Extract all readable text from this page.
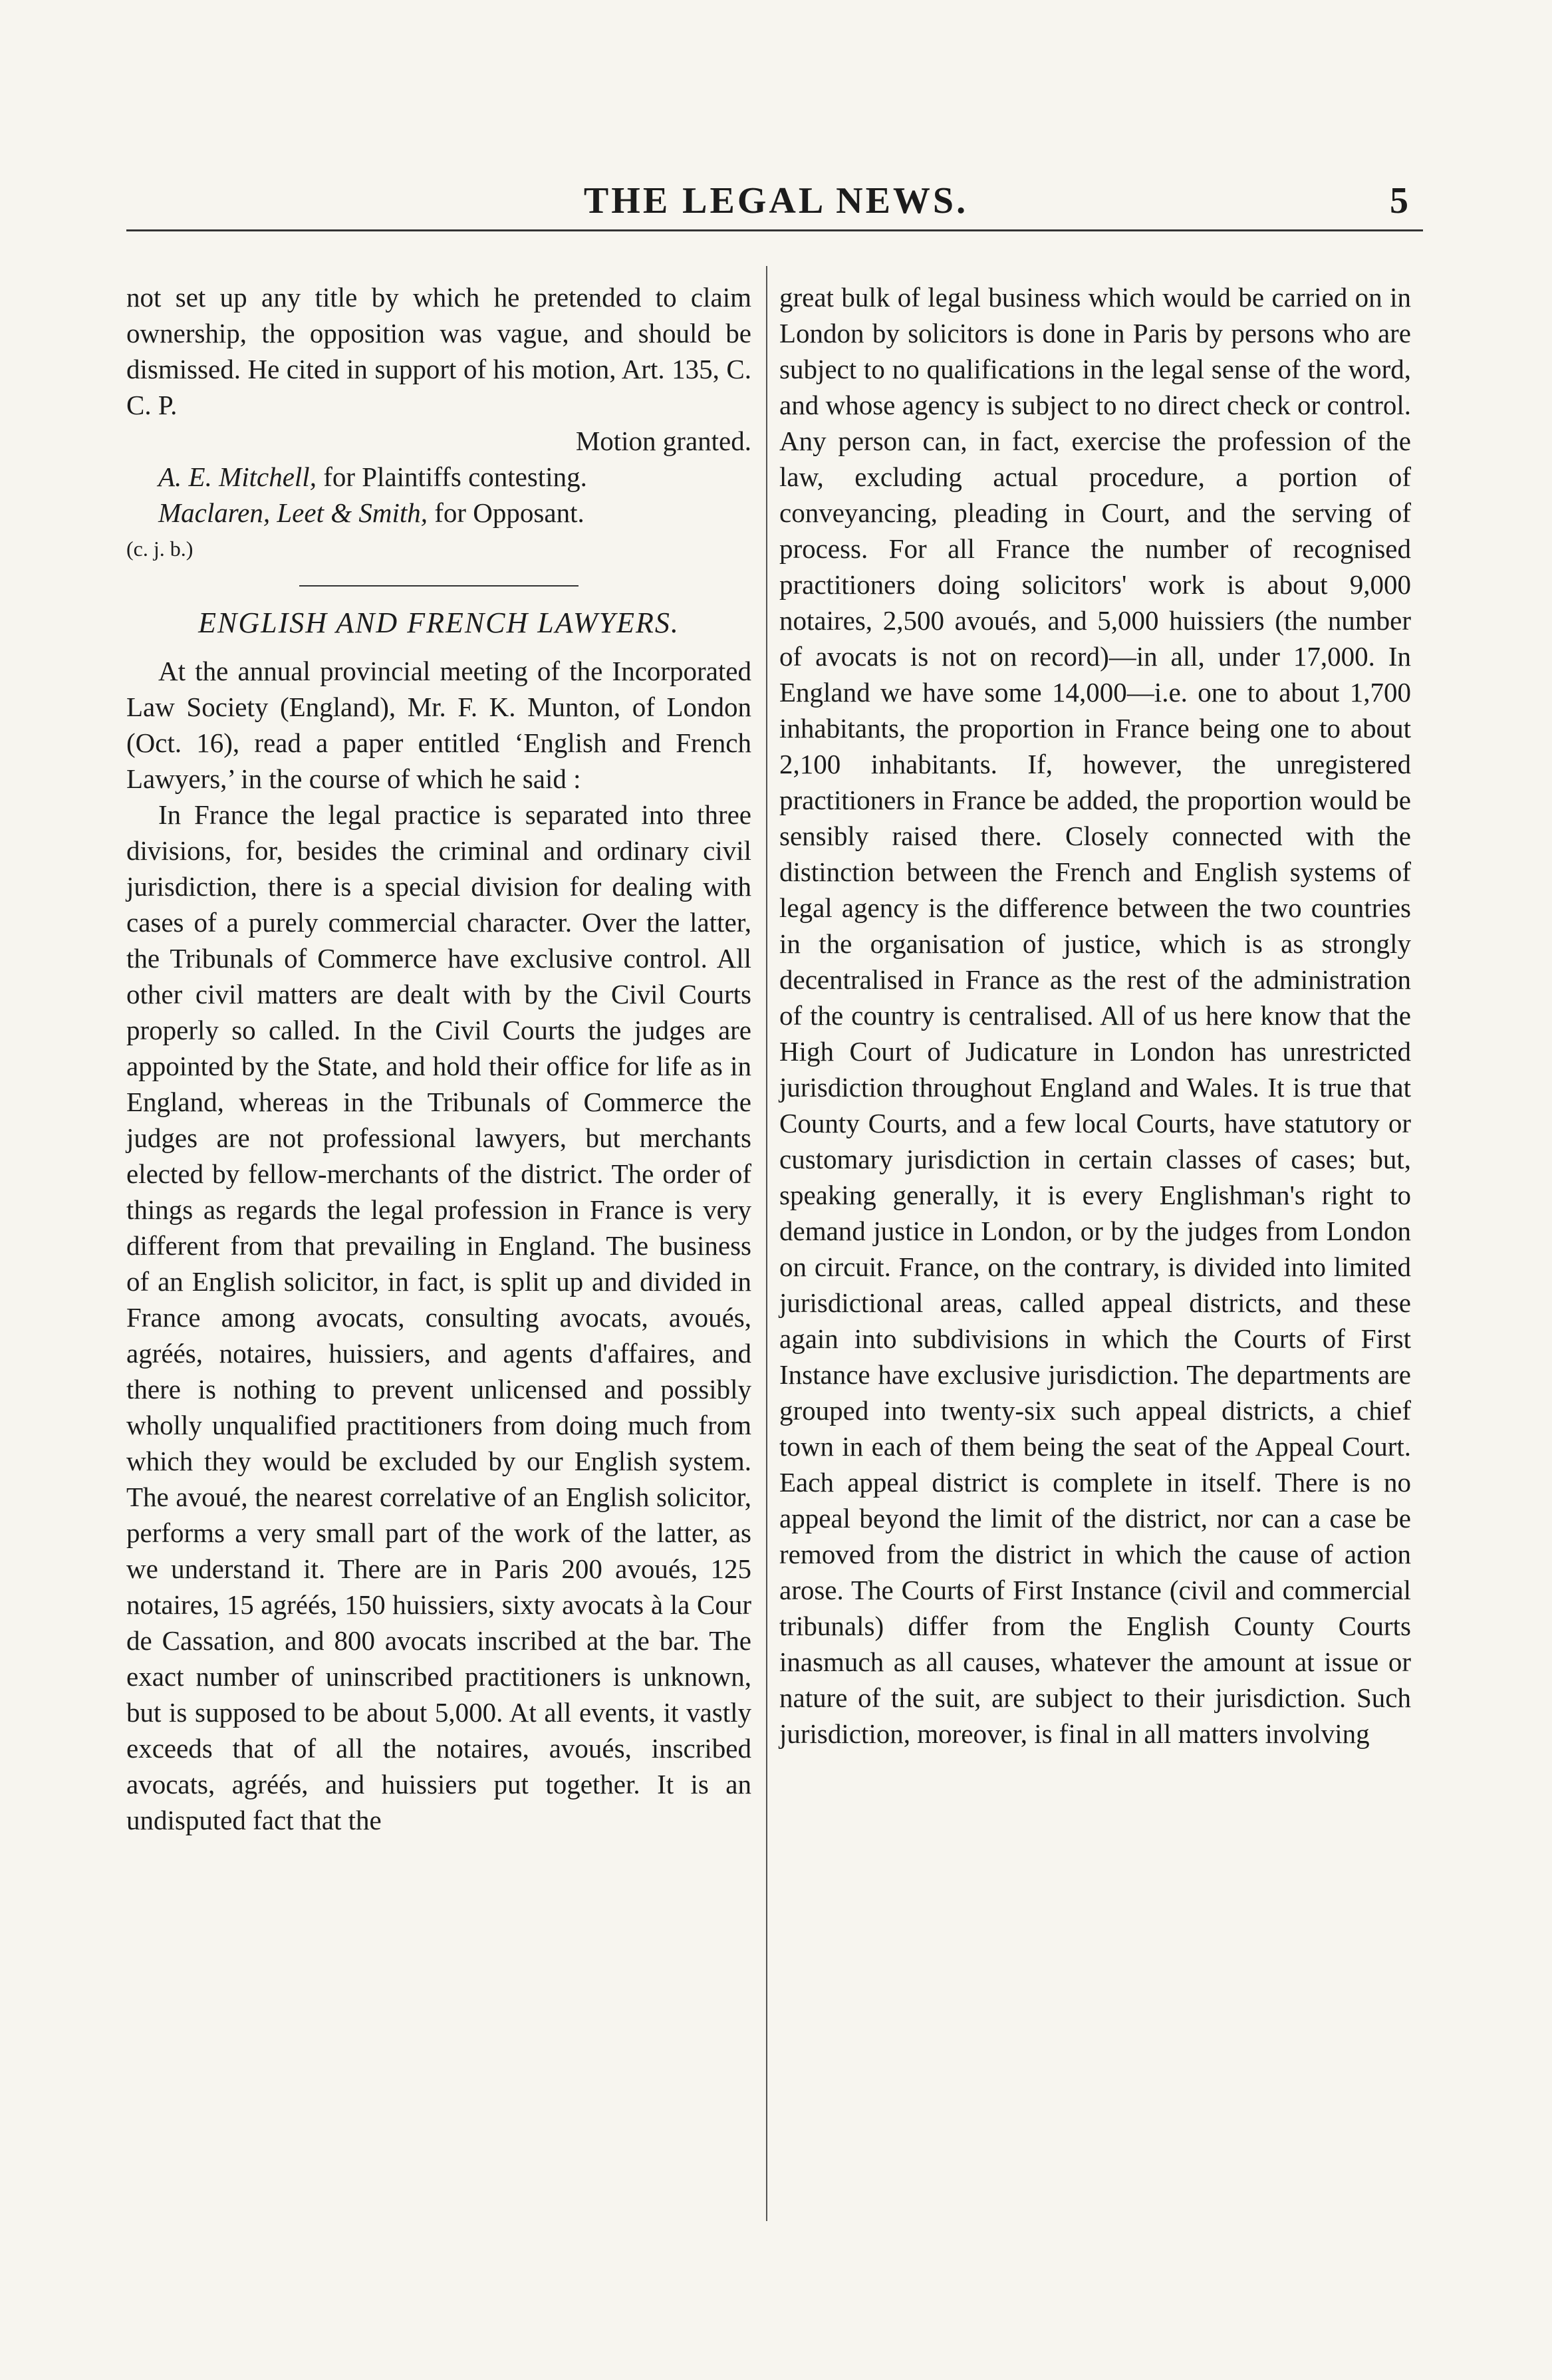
THE LEGAL NEWS.	5

not set up any title by which he pretended to claim ownership, the opposition was vague, and should be dismissed. He cited in support of his motion, Art. 135, C. C. P.

Motion granted.

A. E. Mitchell, for Plaintiffs contesting.

Maclaren, Leet & Smith, for Opposant.

(c. j. b.)

ENGLISH AND FRENCH LAWYERS.

At the annual provincial meeting of the Incorporated Law Society (England), Mr. F. K. Munton, of London (Oct. 16), read a paper entitled ‘English and French Lawyers,’ in the course of which he said :

In France the legal practice is separated into three divisions, for, besides the criminal and ordinary civil jurisdiction, there is a special division for dealing with cases of a purely commercial character. Over the latter, the Tribunals of Commerce have exclusive control. All other civil matters are dealt with by the Civil Courts properly so called. In the Civil Courts the judges are appointed by the State, and hold their office for life as in England, whereas in the Tribunals of Commerce the judges are not professional lawyers, but merchants elected by fellow-merchants of the district. The order of things as regards the legal profession in France is very different from that prevailing in England. The business of an English solicitor, in fact, is split up and divided in France among avocats, consulting avocats, avoués, agréés, notaires, huissiers, and agents d'affaires, and there is nothing to prevent unlicensed and possibly wholly unqualified practitioners from doing much from which they would be excluded by our English system. The avoué, the nearest correlative of an English solicitor, performs a very small part of the work of the latter, as we understand it. There are in Paris 200 avoués, 125 notaires, 15 agréés, 150 huissiers, sixty avocats à la Cour de Cassation, and 800 avocats inscribed at the bar. The exact number of uninscribed practitioners is unknown, but is supposed to be about 5,000. At all events, it vastly exceeds that of all the notaires, avoués, inscribed avocats, agréés, and huissiers put together. It is an undisputed fact that the

great bulk of legal business which would be carried on in London by solicitors is done in Paris by persons who are subject to no qualifications in the legal sense of the word, and whose agency is subject to no direct check or control. Any person can, in fact, exercise the profession of the law, excluding actual procedure, a portion of conveyancing, pleading in Court, and the serving of process. For all France the number of recognised practitioners doing solicitors' work is about 9,000 notaires, 2,500 avoués, and 5,000 huissiers (the number of avocats is not on record)—in all, under 17,000. In England we have some 14,000—i.e. one to about 1,700 inhabitants, the proportion in France being one to about 2,100 inhabitants. If, however, the unregistered practitioners in France be added, the proportion would be sensibly raised there. Closely connected with the distinction between the French and English systems of legal agency is the difference between the two countries in the organisation of justice, which is as strongly decentralised in France as the rest of the administration of the country is centralised. All of us here know that the High Court of Judicature in London has unrestricted jurisdiction throughout England and Wales. It is true that County Courts, and a few local Courts, have statutory or customary jurisdiction in certain classes of cases; but, speaking generally, it is every Englishman's right to demand justice in London, or by the judges from London on circuit. France, on the contrary, is divided into limited jurisdictional areas, called appeal districts, and these again into subdivisions in which the Courts of First Instance have exclusive jurisdiction. The departments are grouped into twenty-six such appeal districts, a chief town in each of them being the seat of the Appeal Court. Each appeal district is complete in itself. There is no appeal beyond the limit of the district, nor can a case be removed from the district in which the cause of action arose. The Courts of First Instance (civil and commercial tribunals) differ from the English County Courts inasmuch as all causes, whatever the amount at issue or nature of the suit, are subject to their jurisdiction. Such jurisdiction, moreover, is final in all matters involving
